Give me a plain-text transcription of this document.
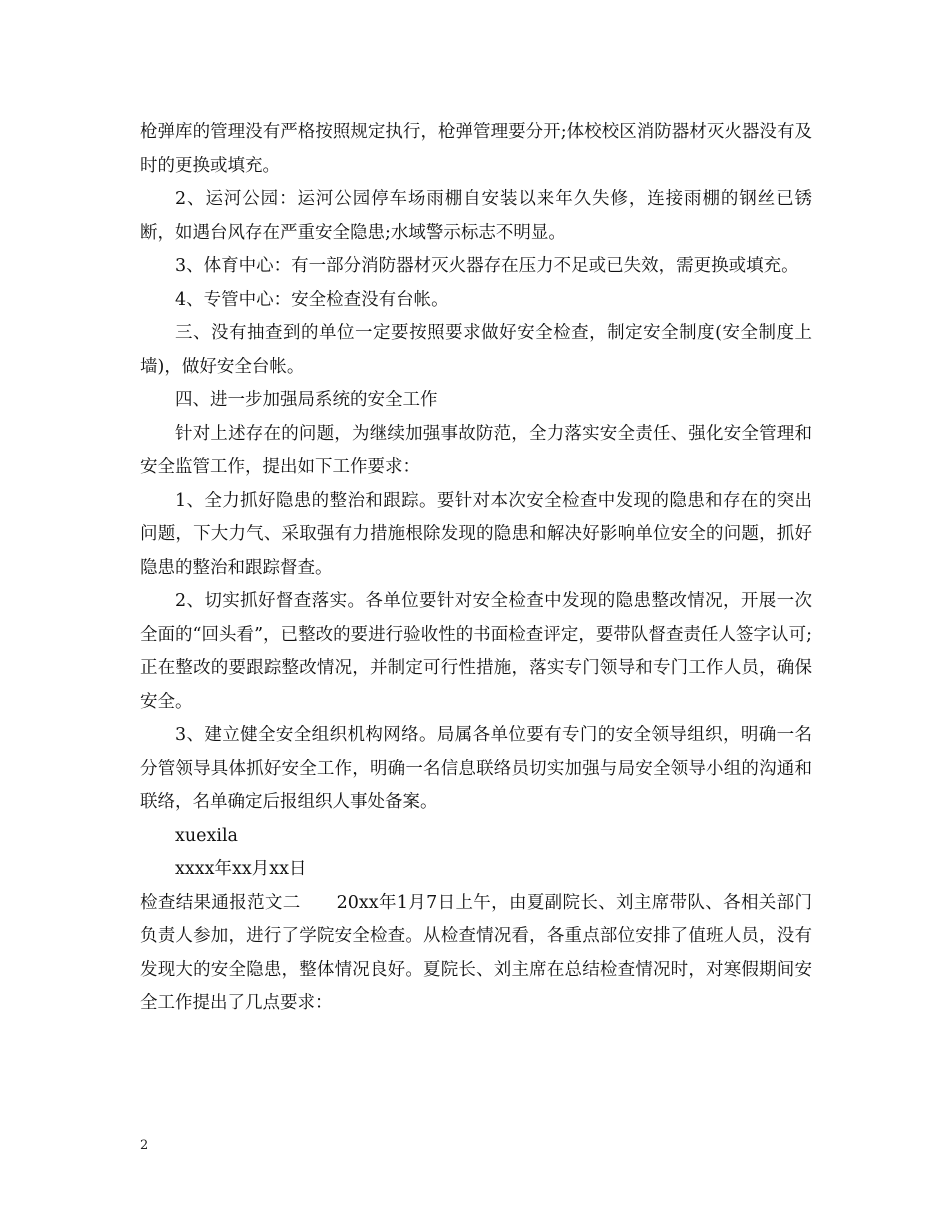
枪弹库的管理没有严格按照规定执行，枪弹管理要分开;体校校区消防器材灭火器没有及时的更换或填充。

2、运河公园：运河公园停车场雨棚自安装以来年久失修，连接雨棚的钢丝已锈断，如遇台风存在严重安全隐患;水域警示标志不明显。

3、体育中心：有一部分消防器材灭火器存在压力不足或已失效，需更换或填充。

4、专管中心：安全检查没有台帐。

三、没有抽查到的单位一定要按照要求做好安全检查，制定安全制度(安全制度上墙)，做好安全台帐。

四、进一步加强局系统的安全工作

针对上述存在的问题，为继续加强事故防范，全力落实安全责任、强化安全管理和安全监管工作，提出如下工作要求：

1、全力抓好隐患的整治和跟踪。要针对本次安全检查中发现的隐患和存在的突出问题，下大力气、采取强有力措施根除发现的隐患和解决好影响单位安全的问题，抓好隐患的整治和跟踪督查。

2、切实抓好督查落实。各单位要针对安全检查中发现的隐患整改情况，开展一次全面的“回头看”，已整改的要进行验收性的书面检查评定，要带队督查责任人签字认可;正在整改的要跟踪整改情况，并制定可行性措施，落实专门领导和专门工作人员，确保安全。

3、建立健全安全组织机构网络。局属各单位要有专门的安全领导组织，明确一名分管领导具体抓好安全工作，明确一名信息联络员切实加强与局安全领导小组的沟通和联络，名单确定后报组织人事处备案。

xuexila

xxxx年xx月xx日

检查结果通报范文二 20xx年1月7日上午，由夏副院长、刘主席带队、各相关部门负责人参加，进行了学院安全检查。从检查情况看，各重点部位安排了值班人员，没有发现大的安全隐患，整体情况良好。夏院长、刘主席在总结检查情况时，对寒假期间安全工作提出了几点要求：

2
